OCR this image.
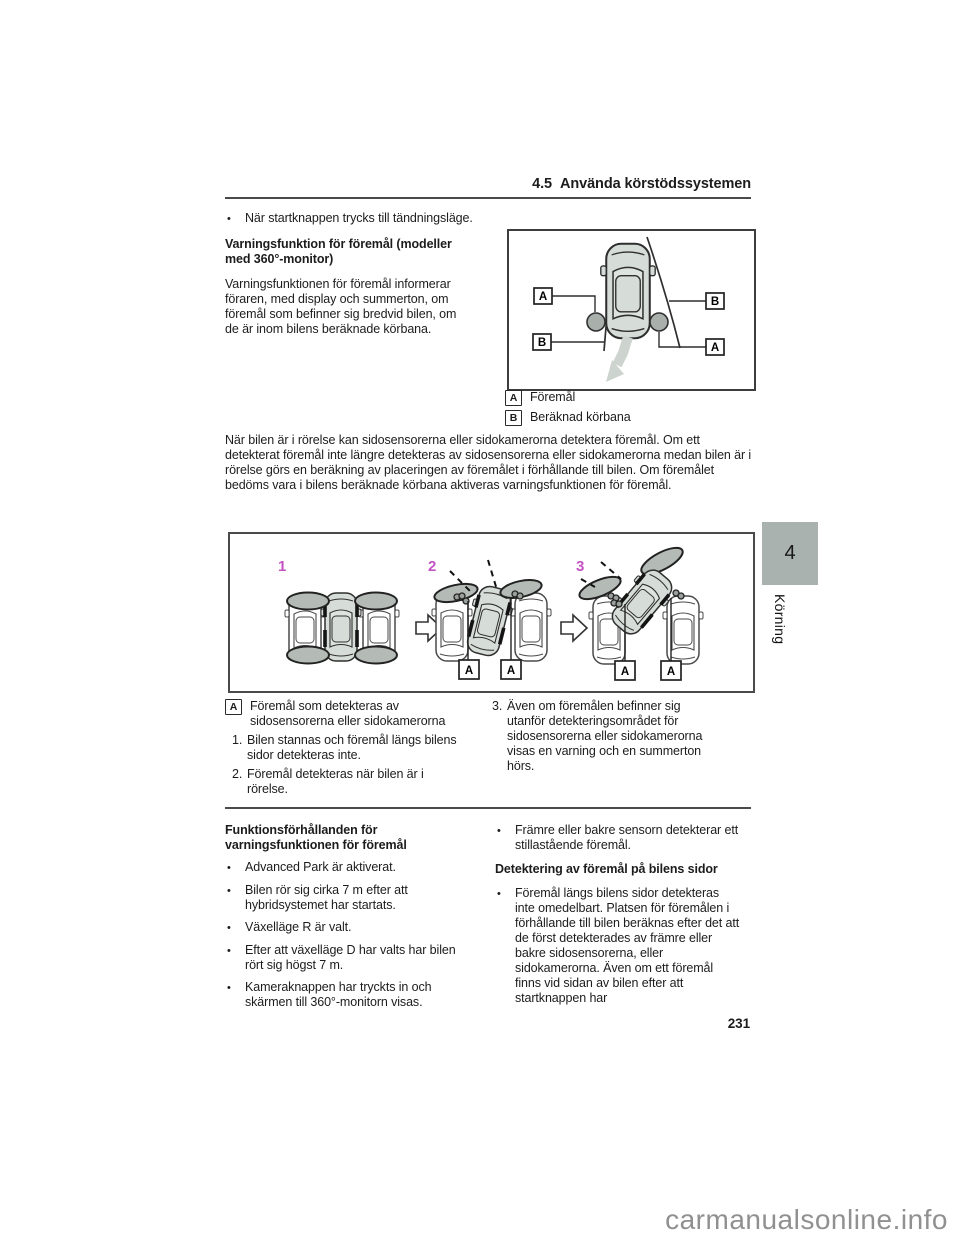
4.5 Använda körstödssystemen
•
När startknappen trycks till tändningsläge.
Varningsfunktion för föremål (modeller med 360°-monitor)
Varningsfunktionen för föremål informerar föraren, med display och summerton, om föremål som befinner sig bredvid bilen, om de är inom bilens beräknade körbana.
A
B
B
A
A	Föremål
B	Beräknad körbana
När bilen är i rörelse kan sidosensorerna eller sidokamerorna detektera föremål. Om ett detekterat föremål inte längre detekteras av sidosensorerna eller sidokamerorna medan bilen är i rörelse görs en beräkning av placeringen av föremålet i förhållande till bilen. Om föremålet bedöms vara i bilens beräknade körbana aktiveras varningsfunktionen för föremål.
1	2
A	A
3
A	A
A	Föremål som detekteras av sidosensorerna eller sidokamerorna
1. Bilen stannas och föremål längs bilens sidor detekteras inte.
2. Föremål detekteras när bilen är i rörelse.
3. Även om föremålen befinner sig utanför detekteringsområdet för sidosensorerna eller sidokamerorna visas en varning och en summerton hörs.
Funktionsförhållanden för varningsfunktionen för föremål
•
Advanced Park är aktiverat.
•
Bilen rör sig cirka 7 m efter att hybridsystemet har startats.
•
Växelläge R är valt.
•
Efter att växelläge D har valts har bilen rört sig högst 7 m.
•
Kameraknappen har tryckts in och skärmen till 360°-monitorn visas.
•
Främre eller bakre sensorn detekterar ett stillastående föremål.
Detektering av föremål på bilens sidor
•
Föremål längs bilens sidor detekteras inte omedelbart. Platsen för föremålen i förhållande till bilen beräknas efter det att de först detekterades av främre eller bakre sidosensorerna, eller sidokamerorna. Även om ett föremål finns vid sidan av bilen efter att startknappen har
231
4
Körning
carmanualsonline.info
